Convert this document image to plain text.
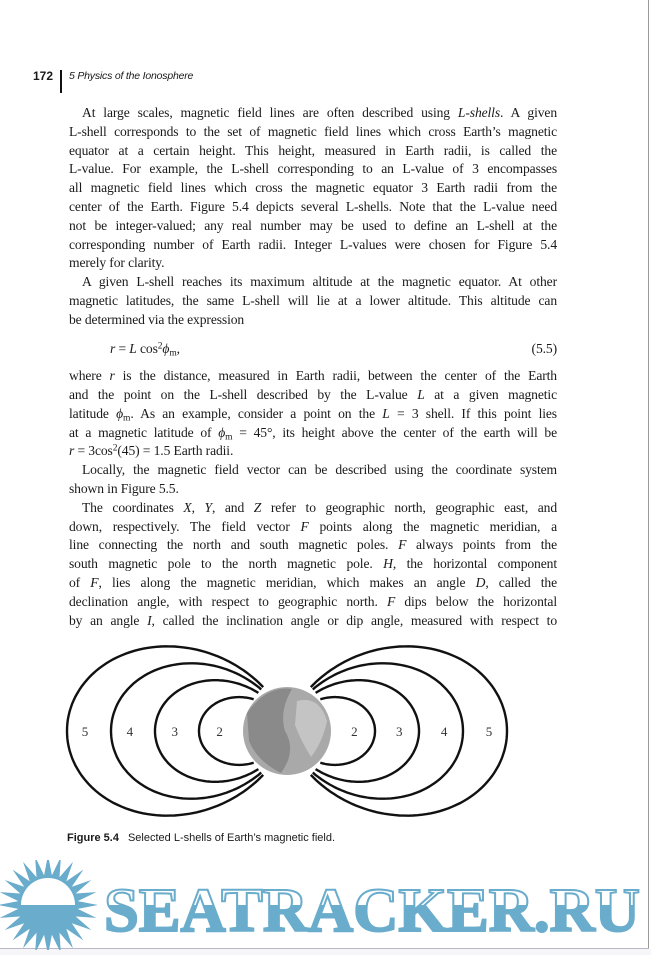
172 5 Physics of the Ionosphere
At large scales, magnetic field lines are often described using L-shells. A given
L-shell corresponds to the set of magnetic field lines which cross Earth’s magnetic
equator at a certain height. This height, measured in Earth radii, is called the
L-value. For example, the L-shell corresponding to an L-value of 3 encompasses
all magnetic field lines which cross the magnetic equator 3 Earth radii from the
center of the Earth. Figure 5.4 depicts several L-shells. Note that the L-value need
not be integer-valued; any real number may be used to define an L-shell at the
corresponding number of Earth radii. Integer L-values were chosen for Figure 5.4
merely for clarity.
A given L-shell reaches its maximum altitude at the magnetic equator. At other
magnetic latitudes, the same L-shell will lie at a lower altitude. This altitude can
be determined via the expression
r = L $\cos^2\phi_m$,	(5.5)
where r is the distance, measured in Earth radii, between the center of the Earth
and the point on the L-shell described by the L-value L at a given magnetic
latitude $\phi_m$. As an example, consider a point on the L = 3 shell. If this point lies
at a magnetic latitude of $\phi_m = 45^\circ$, its height above the center of the earth will be
$r = 3\cos^2(45) = 1.5$ Earth radii.
Locally, the magnetic field vector can be described using the coordinate system
shown in Figure 5.5.
The coordinates X, Y, and Z refer to geographic north, geographic east, and
down, respectively. The field vector F points along the magnetic meridian, a
line connecting the north and south magnetic poles. F always points from the
south magnetic pole to the north magnetic pole. H, the horizontal component
of F, lies along the magnetic meridian, which makes an angle D, called the
declination angle, with respect to geographic north. F dips below the horizontal
by an angle I, called the inclination angle or dip angle, measured with respect to
2
2	3
3	4
4	5
5
Figure 5.4 Selected L-shells of Earth’s magnetic field.
SEATRACKER.RU
